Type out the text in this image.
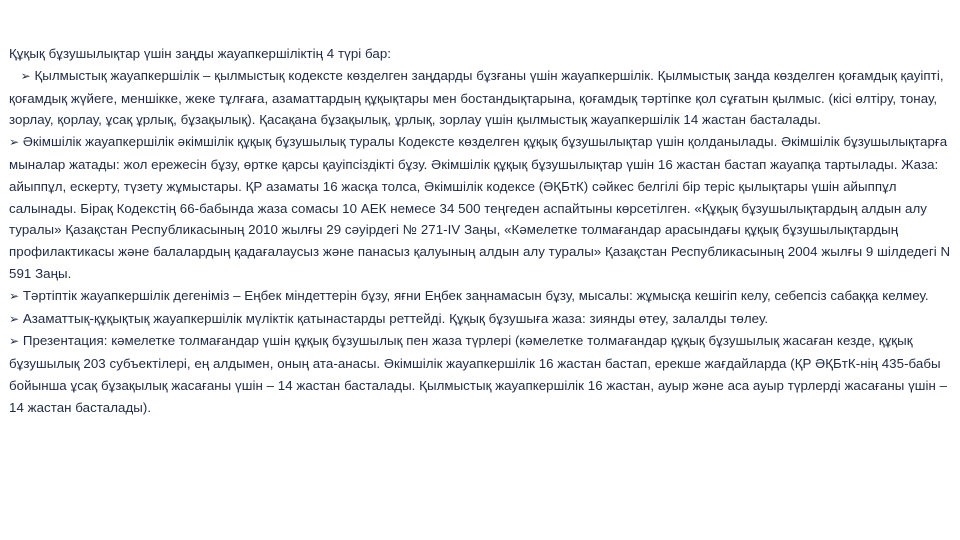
Құқық бұзушылықтар үшін заңды жауапкершіліктің 4 түрі бар:

➢ Қылмыстық жауапкершілік – қылмыстық кодексте көзделген заңдарды бұзғаны үшін жауапкершілік. Қылмыстық заңда көзделген қоғамдық қауіпті, қоғамдық жүйеге, меншікке, жеке тұлғаға, азаматтардың құқықтары мен бостандықтарына, қоғамдық тәртіпке қол сұғатын қылмыс. (кісі өлтіру, тонау, зорлау, қорлау, ұсақ ұрлық, бұзақылық). Қасақана бұзақылық, ұрлық, зорлау үшін қылмыстық жауапкершілік 14 жастан басталады.

➢ Әкімшілік жауапкершілік әкімшілік құқық бұзушылық туралы Кодексте көзделген құқық бұзушылықтар үшін қолданылады. Әкімшілік бұзушылықтарға мыналар жатады: жол ережесін бұзу, өртке қарсы қауіпсіздікті бұзу. Әкімшілік құқық бұзушылықтар үшін 16 жастан бастап жауапқа тартылады. Жаза: айыппұл, ескерту, түзету жұмыстары. ҚР азаматы 16 жасқа толса, Әкімшілік кодексе (ӘҚБтК) сәйкес белгілі бір теріс қылықтары үшін айыппұл салынады. Бірақ Кодекстің 66-бабында жаза сомасы 10 АЕК немесе 34 500 теңгеден аспайтыны көрсетілген. «Құқық бұзушылықтардың алдын алу туралы» Қазақстан Республикасының 2010 жылғы 29 сәуірдегі № 271-IV Заңы, «Кәмелетке толмағандар арасындағы құқық бұзушылықтардың профилактикасы және балалардың қадағалаусыз және панасыз қалуының алдын алу туралы» Қазақстан Республикасының 2004 жылғы 9 шілдедегі N 591 Заңы.

➢ Тәртіптік жауапкершілік дегеніміз – Еңбек міндеттерін бұзу, яғни Еңбек заңнамасын бұзу, мысалы: жұмысқа кешігіп келу, себепсіз сабаққа келмеу.

➢ Азаматтық-құқықтық жауапкершілік мүліктік қатынастарды реттейді. Құқық бұзушыға жаза: зиянды өтеу, залалды төлеу.

➢ Презентация: кәмелетке толмағандар үшін құқық бұзушылық пен жаза түрлері (кәмелетке толмағандар құқық бұзушылық жасаған кезде, құқық бұзушылық 203 субъектілері, ең алдымен, оның ата-анасы. Әкімшілік жауапкершілік 16 жастан бастап, ерекше жағдайларда (ҚР ӘҚБтК-нің 435-бабы бойынша ұсақ бұзақылық жасағаны үшін – 14 жастан басталады. Қылмыстық жауапкершілік 16 жастан, ауыр және аса ауыр түрлерді жасағаны үшін – 14 жастан басталады).
